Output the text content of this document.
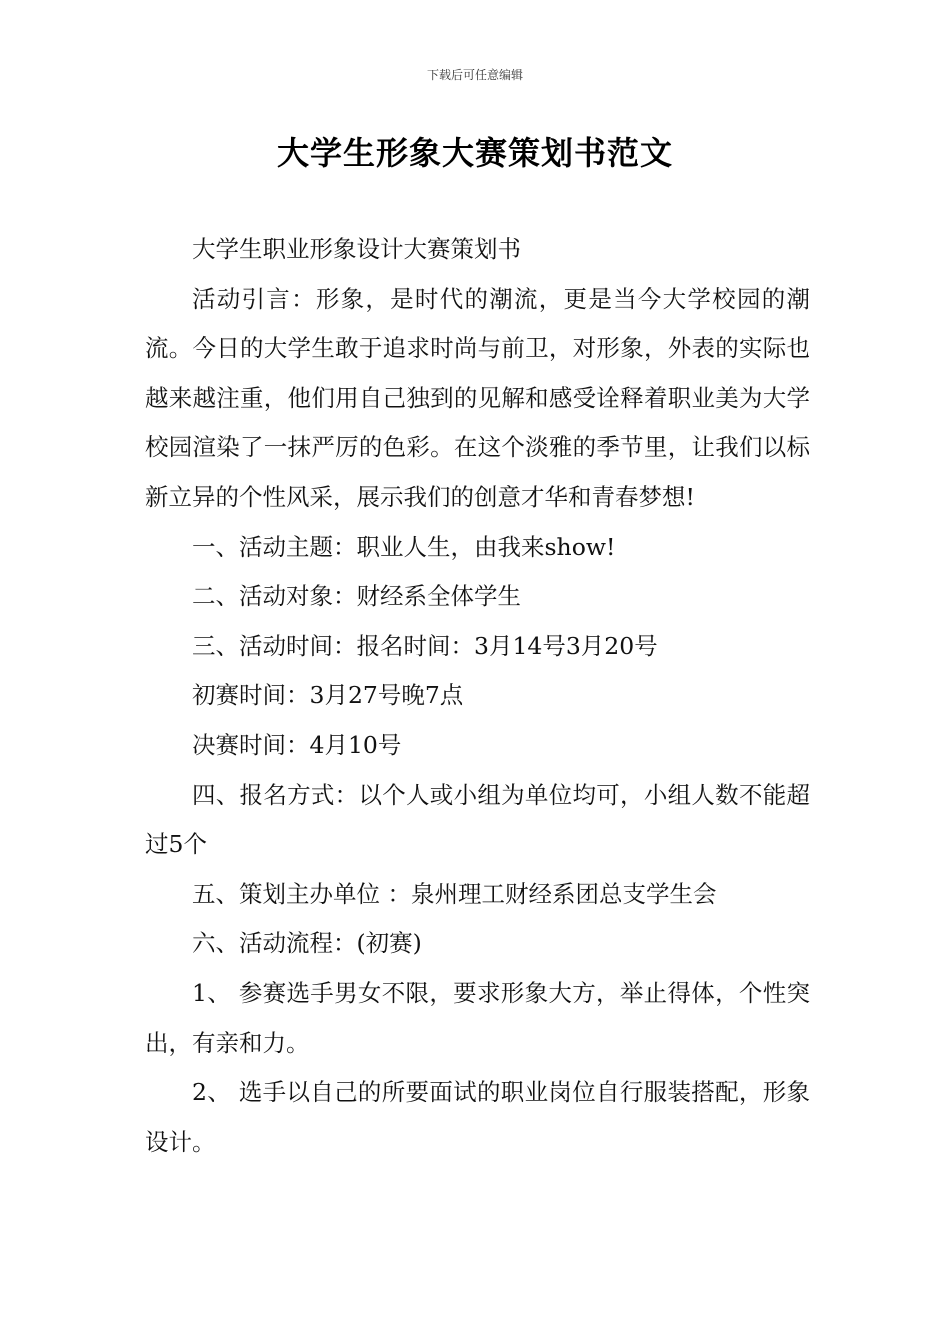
下载后可任意编辑
大学生形象大赛策划书范文

大学生职业形象设计大赛策划书

活动引言：形象，是时代的潮流，更是当今大学校园的潮流。今日的大学生敢于追求时尚与前卫，对形象，外表的实际也越来越注重，他们用自己独到的见解和感受诠释着职业美为大学校园渲染了一抹严厉的色彩。在这个淡雅的季节里，让我们以标新立异的个性风采，展示我们的创意才华和青春梦想!

一、活动主题：职业人生，由我来show!

二、活动对象：财经系全体学生

三、活动时间：报名时间：3月14号3月20号

初赛时间：3月27号晚7点

决赛时间：4月10号

四、报名方式：以个人或小组为单位均可，小组人数不能超过5个

五、策划主办单位 ：泉州理工财经系团总支学生会

六、活动流程：(初赛)

1、 参赛选手男女不限，要求形象大方，举止得体，个性突出，有亲和力。

2、 选手以自己的所要面试的职业岗位自行服装搭配，形象设计。
